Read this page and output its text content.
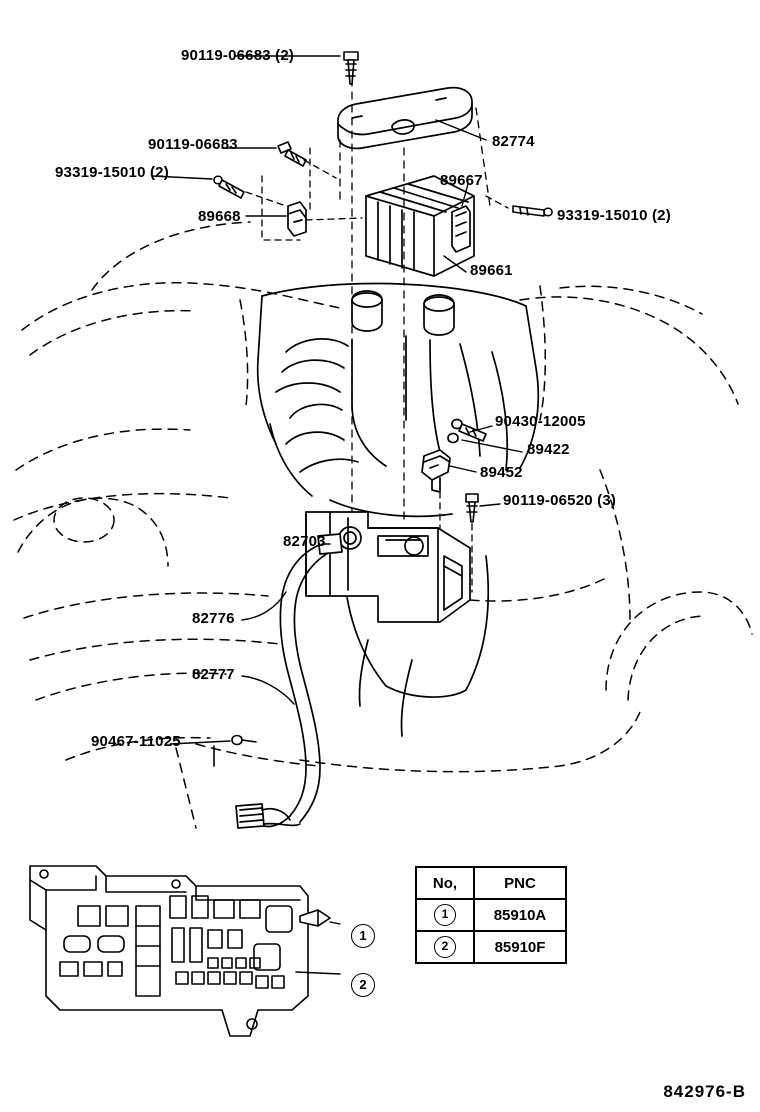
90119-06683 (2)
90119-06683
93319-15010 (2)
89668
82774
89667
93319-15010 (2)
89661
90430-12005
89422
89452
90119-06520 (3)
82703
82776
82777
90467-11025
1
2
No,	PNC
1	85910A
2	85910F
842976-B
